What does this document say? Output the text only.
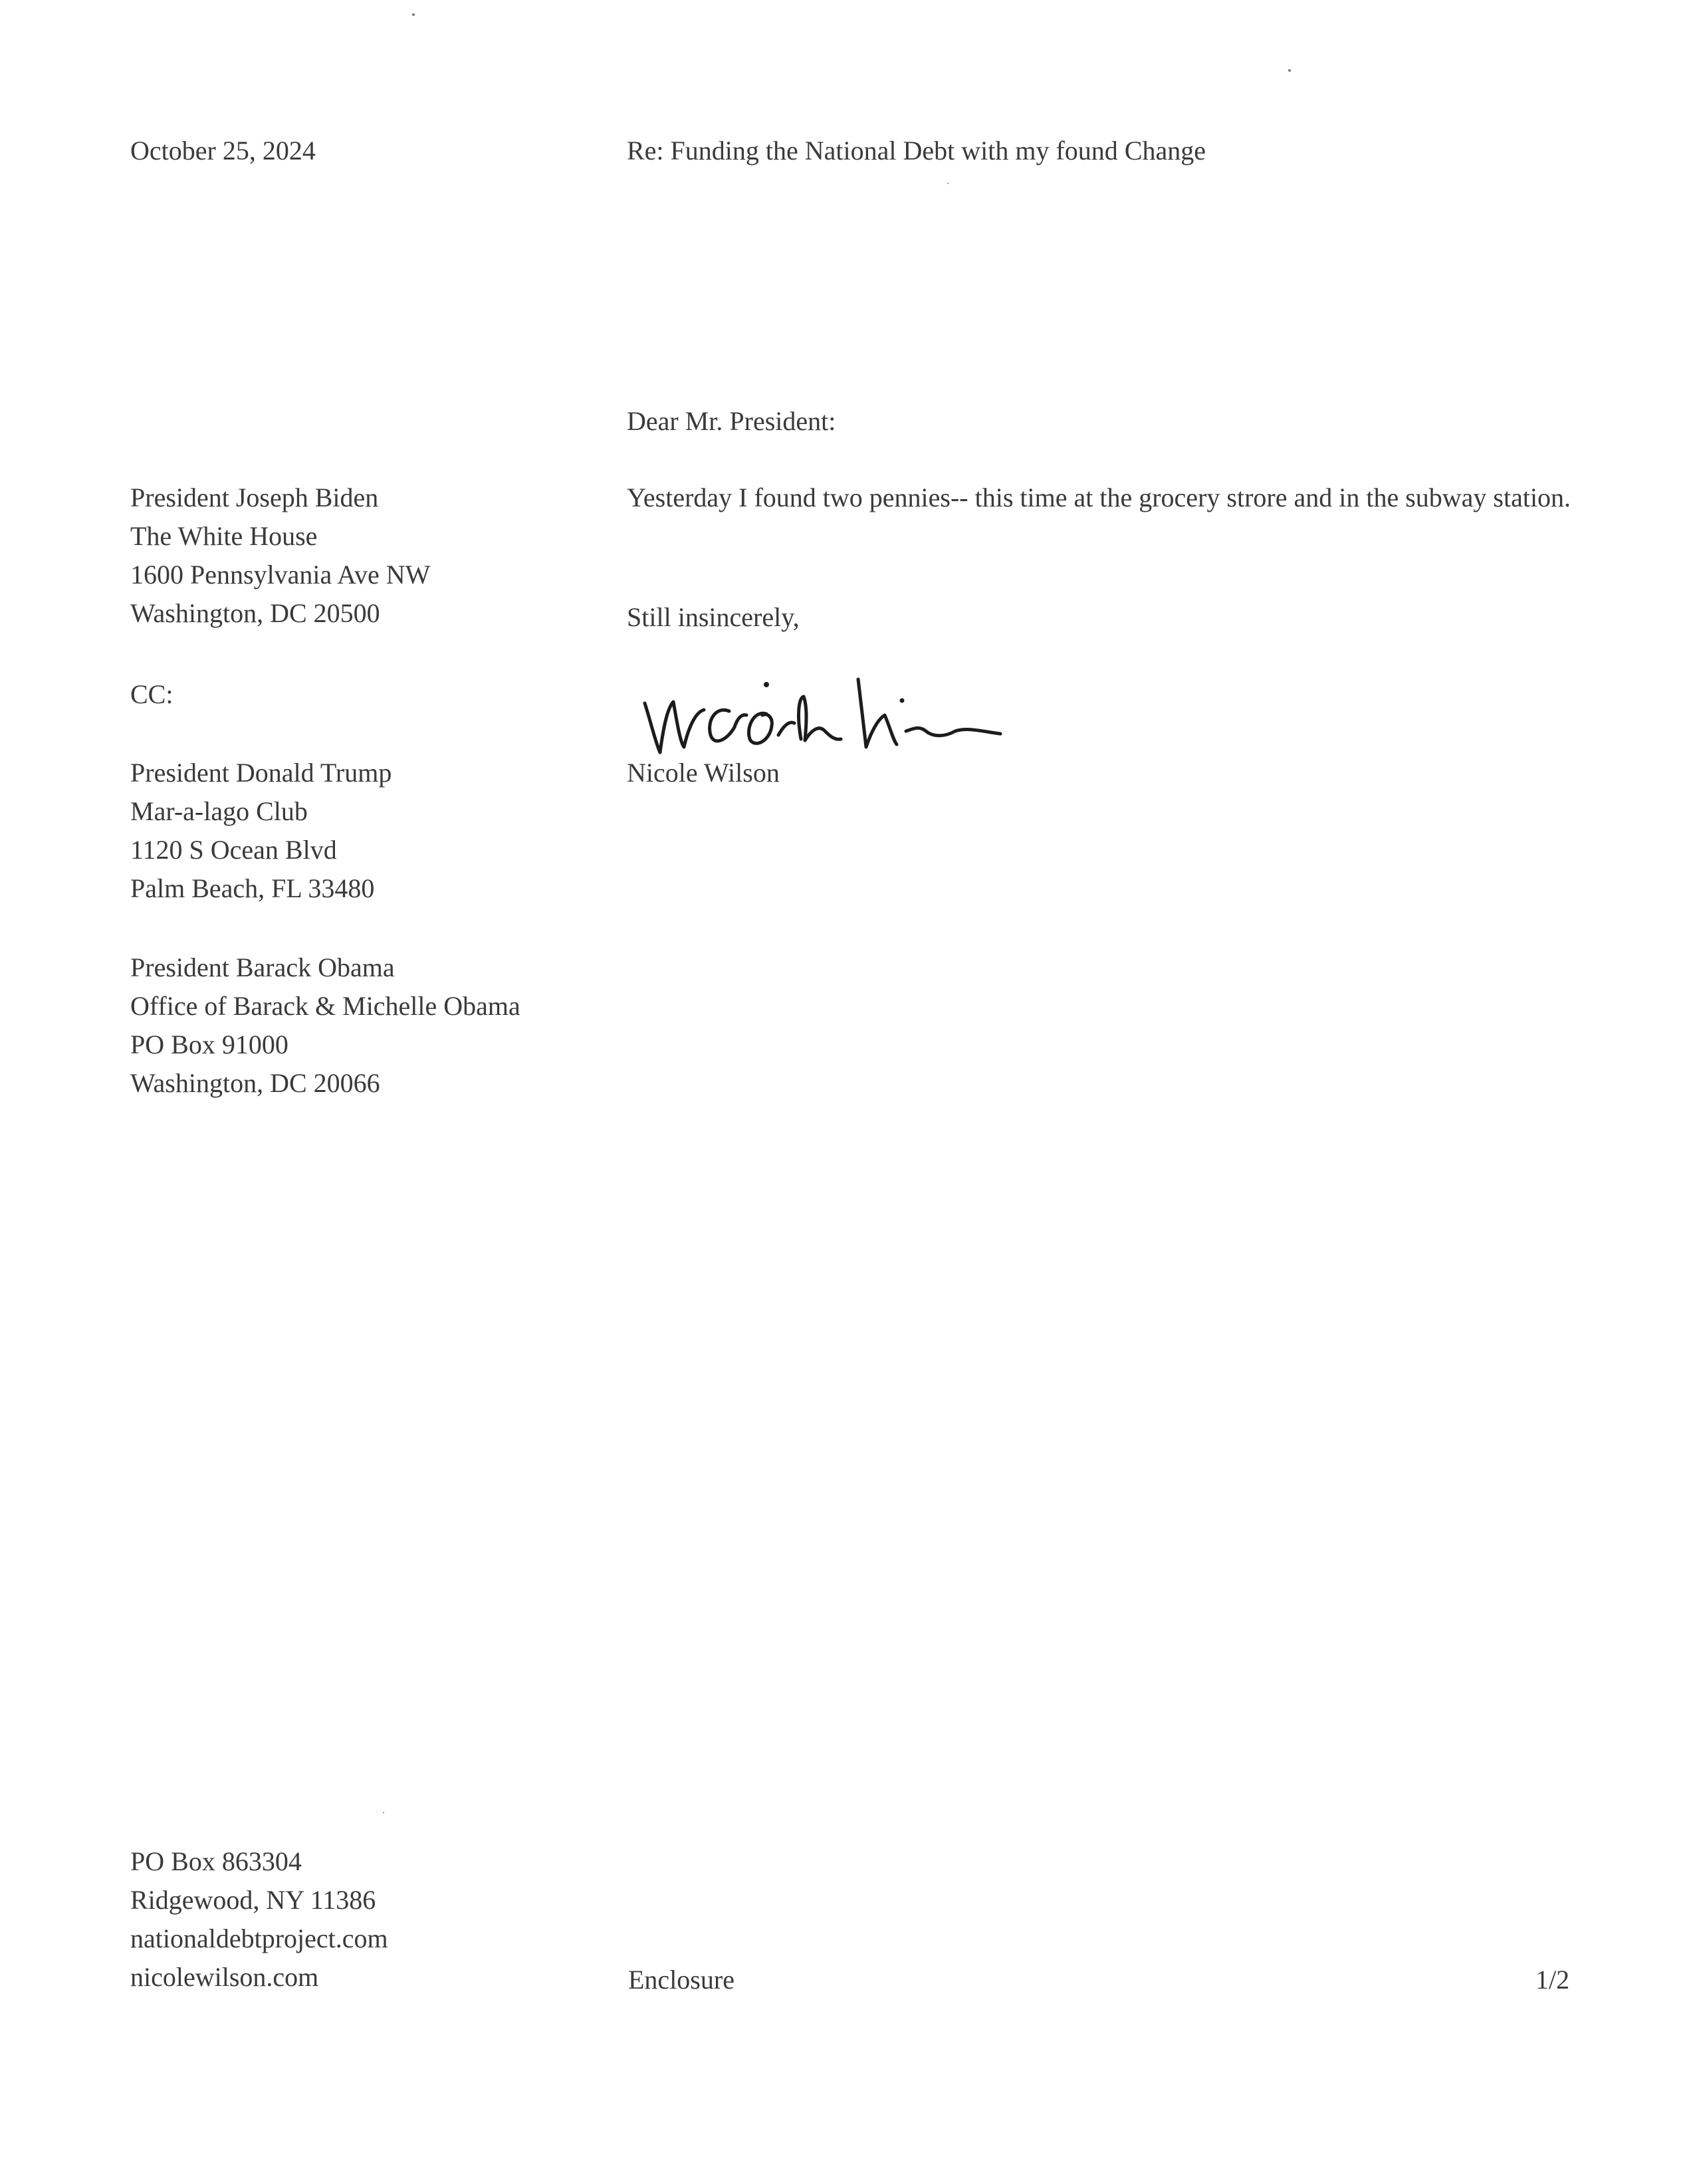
October 25, 2024	Re: Funding the National Debt with my found Change
Dear Mr. President:
President Joseph Biden
The White House
1600 Pennsylvania Ave NW
Washington, DC 20500
Yesterday I found two pennies-- this time at the grocery strore and in the subway station.
Still insincerely,
Nicole Wilson
CC:
President Donald Trump
Mar-a-lago Club
1120 S Ocean Blvd
Palm Beach, FL 33480
President Barack Obama
Office of Barack & Michelle Obama
PO Box 91000
Washington, DC 20066
PO Box 863304
Ridgewood, NY 11386
nationaldebtproject.com
nicolewilson.com	Enclosure	1/2
